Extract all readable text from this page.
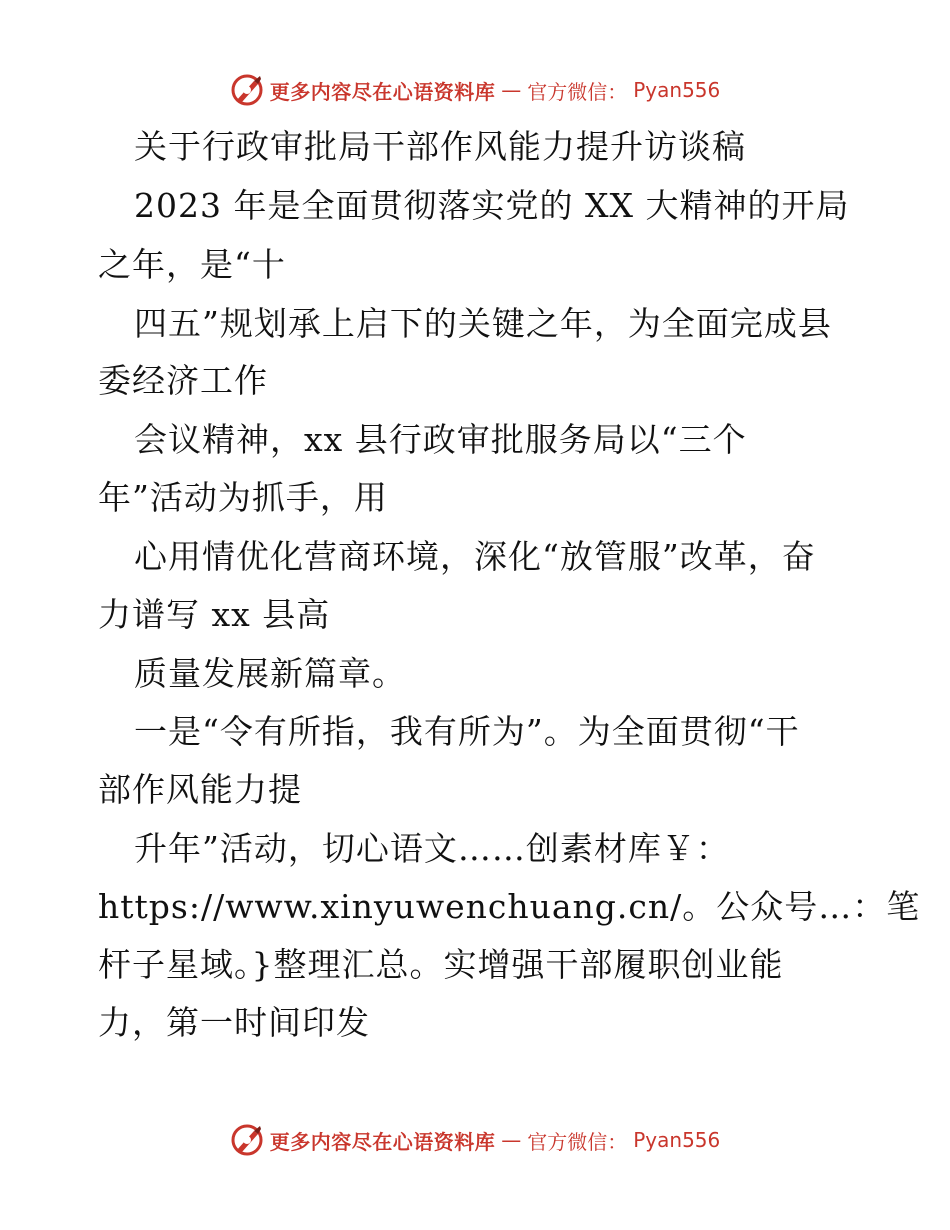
更多内容尽在心语资料库 — 官方微信： Pyan556
关于行政审批局干部作风能力提升访谈稿
2023 年是全面贯彻落实党的 XX 大精神的开局
之年，是“十
四五”规划承上启下的关键之年，为全面完成县
委经济工作
会议精神，xx 县行政审批服务局以“三个
年”活动为抓手，用
心用情优化营商环境，深化“放管服”改革，奋
力谱写 xx 县高
质量发展新篇章。
一是“令有所指，我有所为”。为全面贯彻“干
部作风能力提
升年”活动，切心语文……创素材库￥：
https://www.xinyuwenchuang.cn/。公众号…：笔
杆子星域。}整理汇总。实增强干部履职创业能
力，第一时间印发
更多内容尽在心语资料库 — 官方微信： Pyan556
